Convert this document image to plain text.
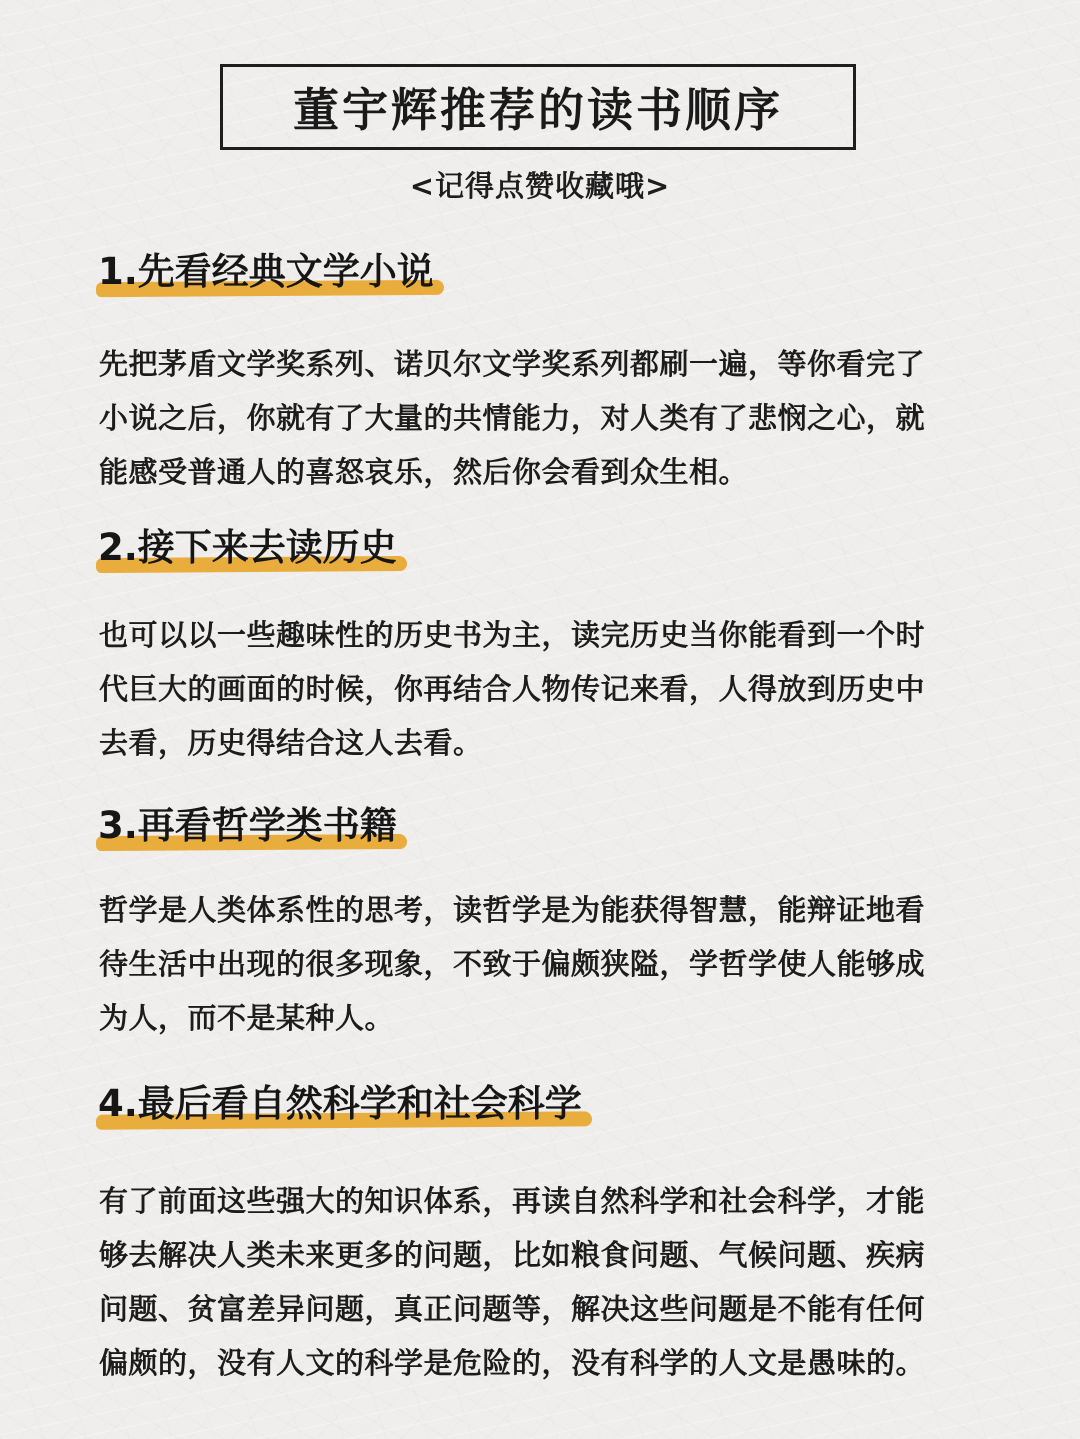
董宇辉推荐的读书顺序
<记得点赞收藏哦>
1.先看经典文学小说
先把茅盾文学奖系列、诺贝尔文学奖系列都刷一遍，等你看完了
小说之后，你就有了大量的共情能力，对人类有了悲悯之心，就
能感受普通人的喜怒哀乐，然后你会看到众生相。
2.接下来去读历史
也可以以一些趣味性的历史书为主，读完历史当你能看到一个时
代巨大的画面的时候，你再结合人物传记来看，人得放到历史中
去看，历史得结合这人去看。
3.再看哲学类书籍
哲学是人类体系性的思考，读哲学是为能获得智慧，能辩证地看
待生活中出现的很多现象，不致于偏颇狭隘，学哲学使人能够成
为人，而不是某种人。
4.最后看自然科学和社会科学
有了前面这些强大的知识体系，再读自然科学和社会科学，才能
够去解决人类未来更多的问题，比如粮食问题、气候问题、疾病
问题、贫富差异问题，真正问题等，解决这些问题是不能有任何
偏颇的，没有人文的科学是危险的，没有科学的人文是愚味的。
